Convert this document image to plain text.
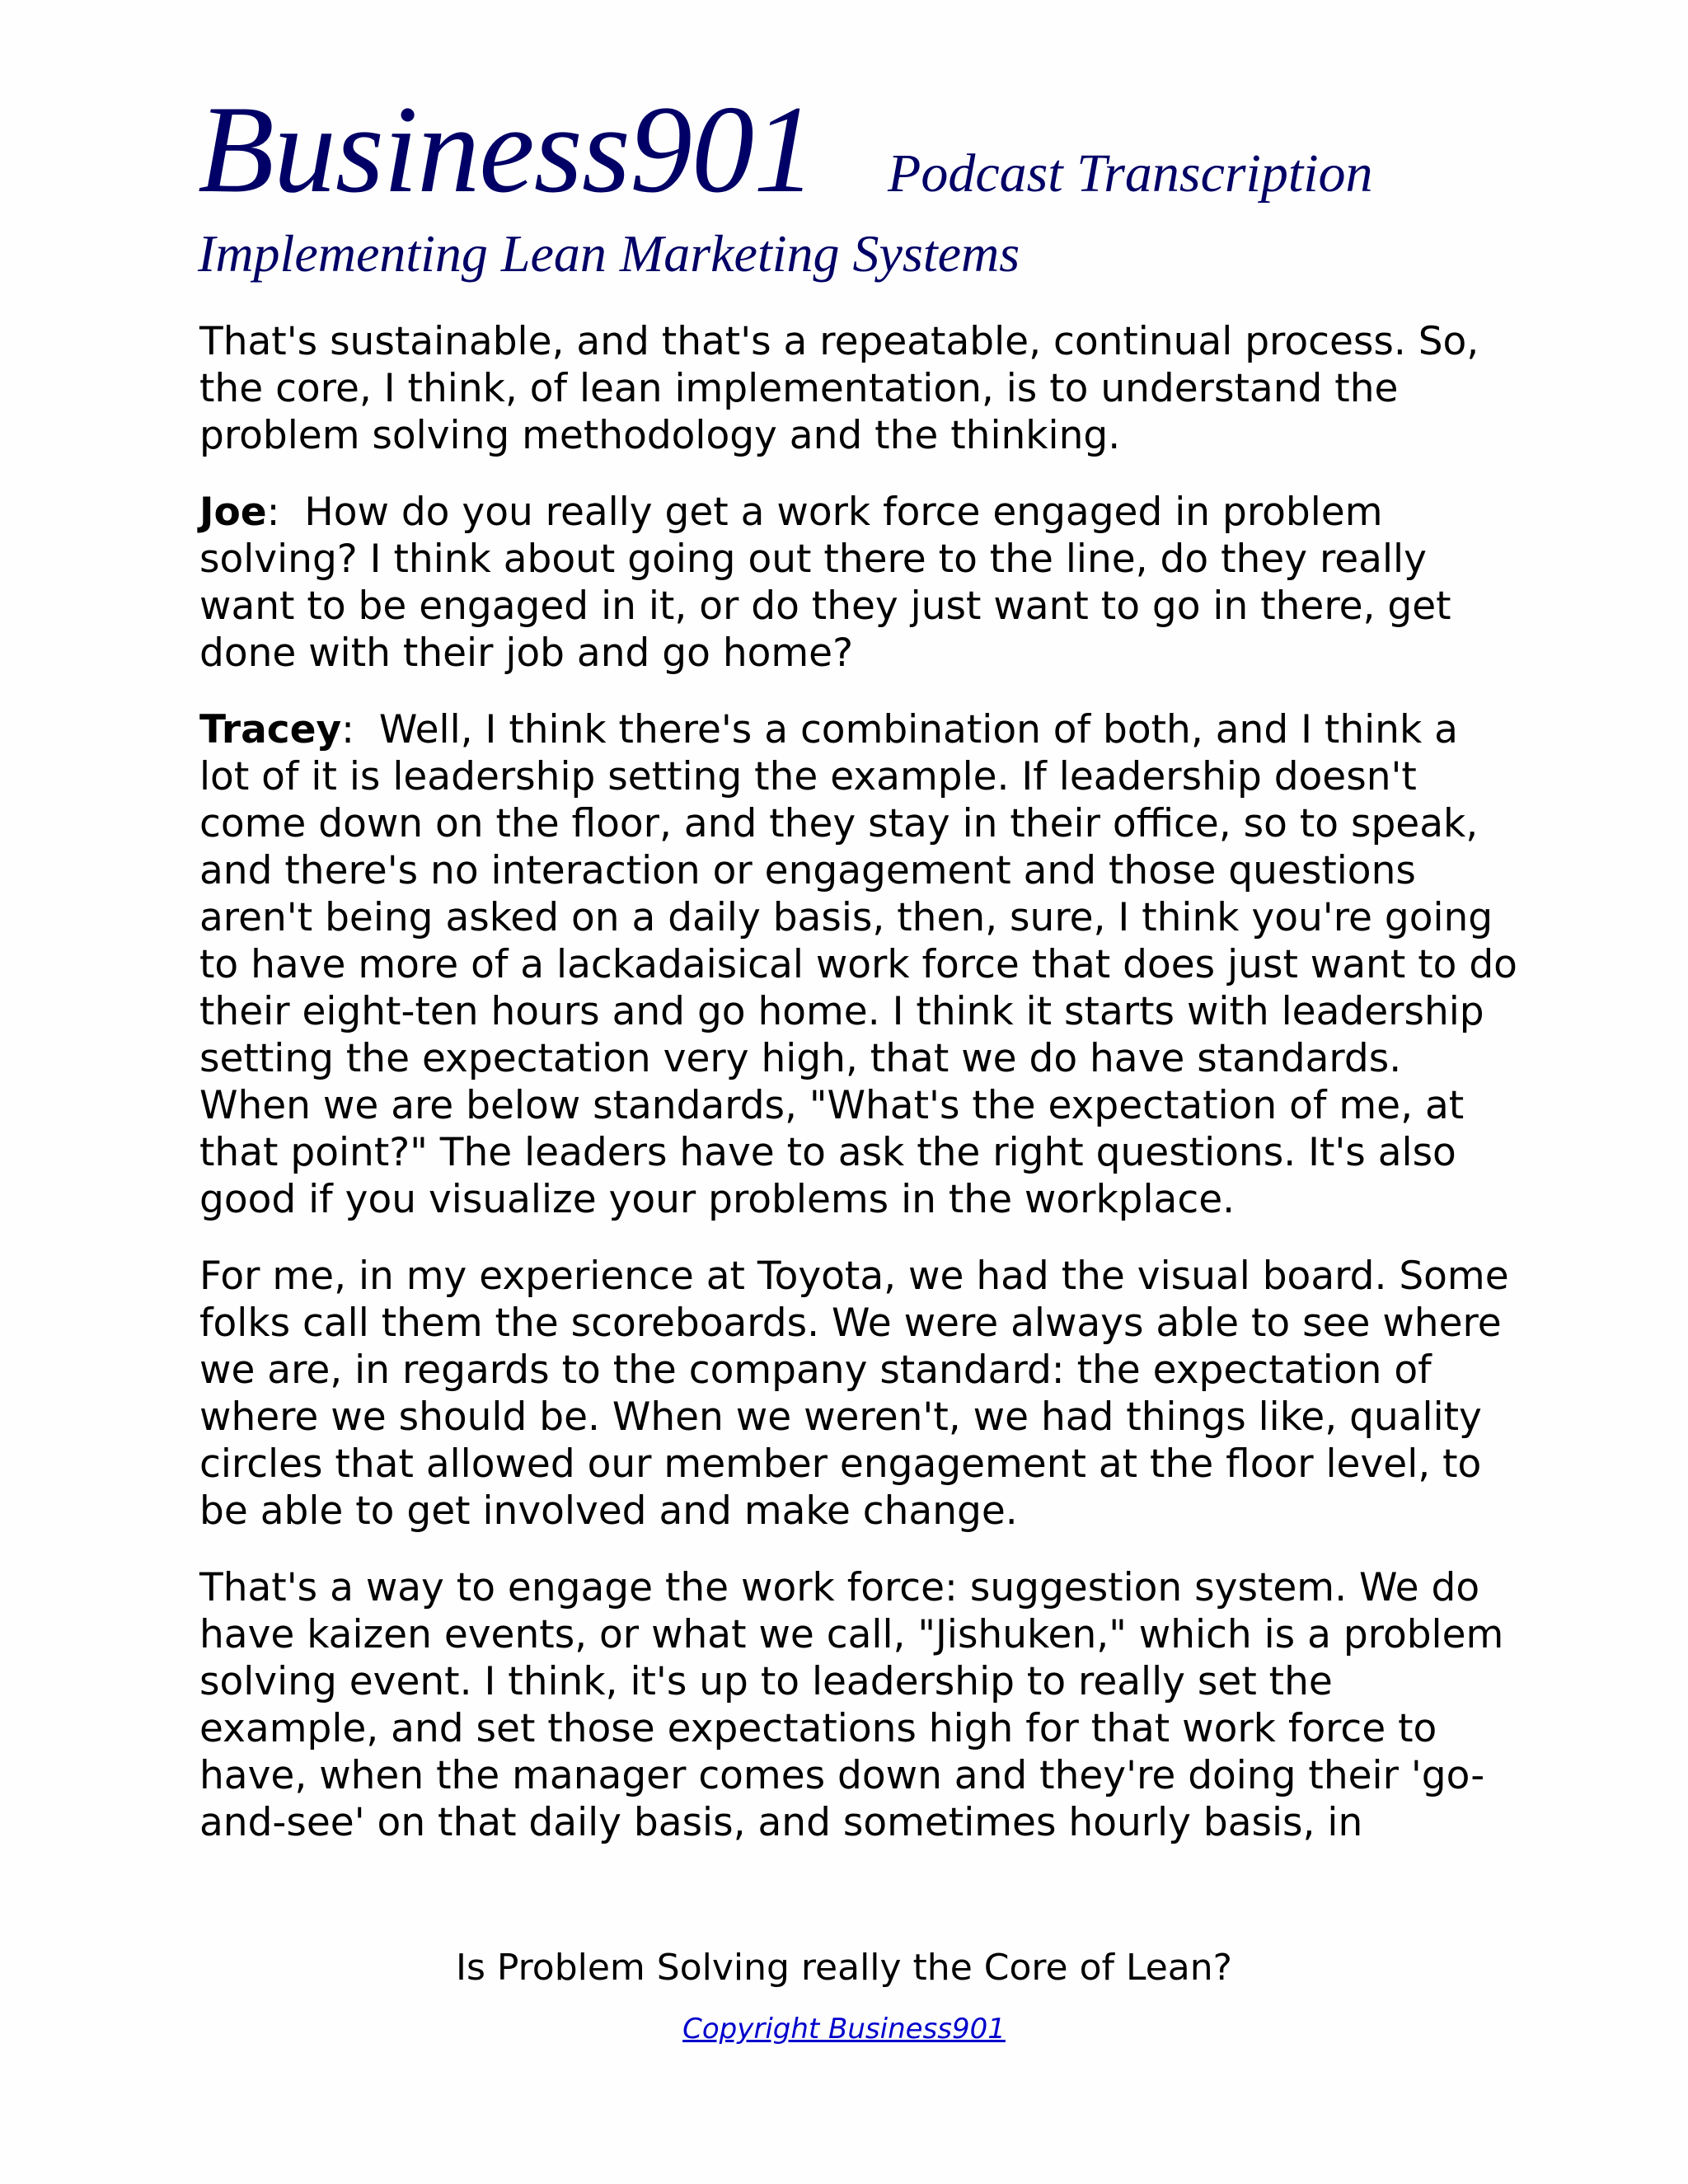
Business901 Podcast Transcription
Implementing Lean Marketing Systems

That's sustainable, and that's a repeatable, continual process. So, the core, I think, of lean implementation, is to understand the problem solving methodology and the thinking.

Joe:  How do you really get a work force engaged in problem solving? I think about going out there to the line, do they really want to be engaged in it, or do they just want to go in there, get done with their job and go home?

Tracey:  Well, I think there's a combination of both, and I think a lot of it is leadership setting the example. If leadership doesn't come down on the floor, and they stay in their office, so to speak, and there's no interaction or engagement and those questions aren't being asked on a daily basis, then, sure, I think you're going to have more of a lackadaisical work force that does just want to do their eight-ten hours and go home. I think it starts with leadership setting the expectation very high, that we do have standards. When we are below standards, "What's the expectation of me, at that point?" The leaders have to ask the right questions. It's also good if you visualize your problems in the workplace.

For me, in my experience at Toyota, we had the visual board. Some folks call them the scoreboards. We were always able to see where we are, in regards to the company standard: the expectation of where we should be. When we weren't, we had things like, quality circles that allowed our member engagement at the floor level, to be able to get involved and make change.

That's a way to engage the work force: suggestion system. We do have kaizen events, or what we call, "Jishuken," which is a problem solving event. I think, it's up to leadership to really set the example, and set those expectations high for that work force to have, when the manager comes down and they're doing their 'go-and-see' on that daily basis, and sometimes hourly basis, in

Is Problem Solving really the Core of Lean?
Copyright Business901
